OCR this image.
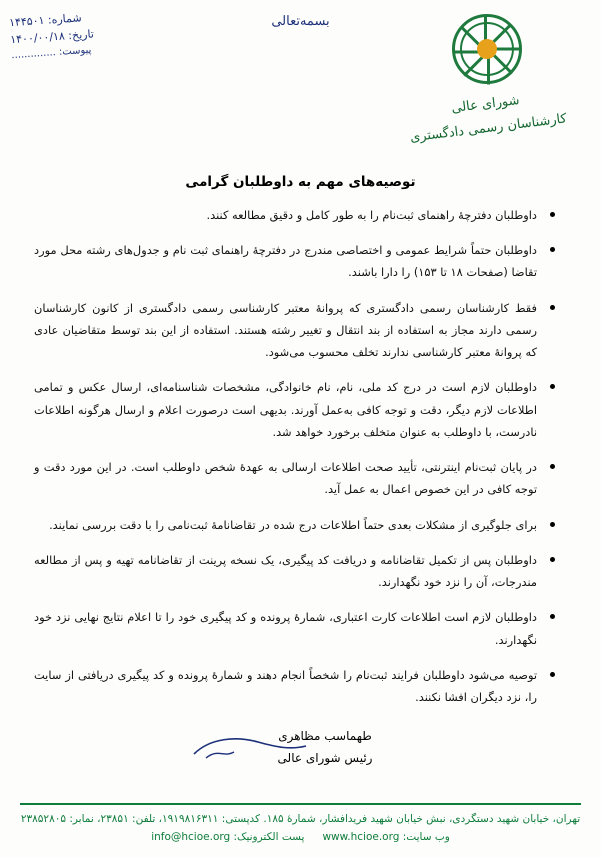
شماره: ۱۴۴۵۰۱
تاریخ: ۱۴۰۰/۰۰/۱۸
پیوست: ..............
بسمه‌تعالی
شورای عالی
کارشناسان رسمی دادگستری
توصیه‌های مهم به داوطلبان گرامی
داوطلبان دفترچهٔ راهنمای ثبت‌نام را به طور کامل و دقیق مطالعه کنند.
داوطلبان حتماً شرایط عمومی و اختصاصی مندرج در دفترچهٔ راهنمای ثبت نام و جدول‌های رشته محل مورد تقاضا (صفحات ۱۸ تا ۱۵۳) را دارا باشند.
فقط کارشناسان رسمی دادگستری که پروانهٔ معتبر کارشناسی رسمی دادگستری از کانون کارشناسان رسمی دارند مجاز به استفاده از بند انتقال و تغییر رشته هستند. استفاده از این بند توسط متقاضیان عادی که پروانهٔ معتبر کارشناسی ندارند تخلف محسوب می‌شود.
داوطلبان لازم است در درج کد ملی، نام، نام خانوادگی، مشخصات شناسنامه‌ای، ارسال عکس و تمامی اطلاعات لازم دیگر، دقت و توجه کافی به‌عمل آورند. بدیهی است درصورت اعلام و ارسال هرگونه اطلاعات نادرست، با داوطلب به عنوان متخلف برخورد خواهد شد.
در پایان ثبت‌نام اینترنتی، تأیید صحت اطلاعات ارسالی به عهدهٔ شخص داوطلب است. در این مورد دقت و توجه کافی در این خصوص اعمال به عمل آید.
برای جلوگیری از مشکلات بعدی حتماً اطلاعات درج شده در تقاضانامهٔ ثبت‌نامی را با دقت بررسی نمایند.
داوطلبان پس از تکمیل تقاضانامه و دریافت کد پیگیری، یک نسخه پرینت از تقاضانامه تهیه و پس از مطالعه مندرجات، آن را نزد خود نگهدارند.
داوطلبان لازم است اطلاعات کارت اعتباری، شمارهٔ پرونده و کد پیگیری خود را تا اعلام نتایج نهایی نزد خود نگهدارند.
توصیه می‌شود داوطلبان فرایند ثبت‌نام را شخصاً انجام دهند و شمارهٔ پرونده و کد پیگیری دریافتی از سایت را، نزد دیگران افشا نکنند.
طهماسب مظاهری
رئیس شورای عالی
تهران، خیابان شهید دستگردی، نبش خیابان شهید فریدافشار، شمارهٔ ۱۸۵. کدپستی: ۱۹۱۹۸۱۶۳۱۱، تلفن: ۲۳۸۵۱، نمابر: ۲۳۸۵۲۸۰۵
وب سایت: www.hcioe.org   پست الکترونیک: info@hcioe.org
